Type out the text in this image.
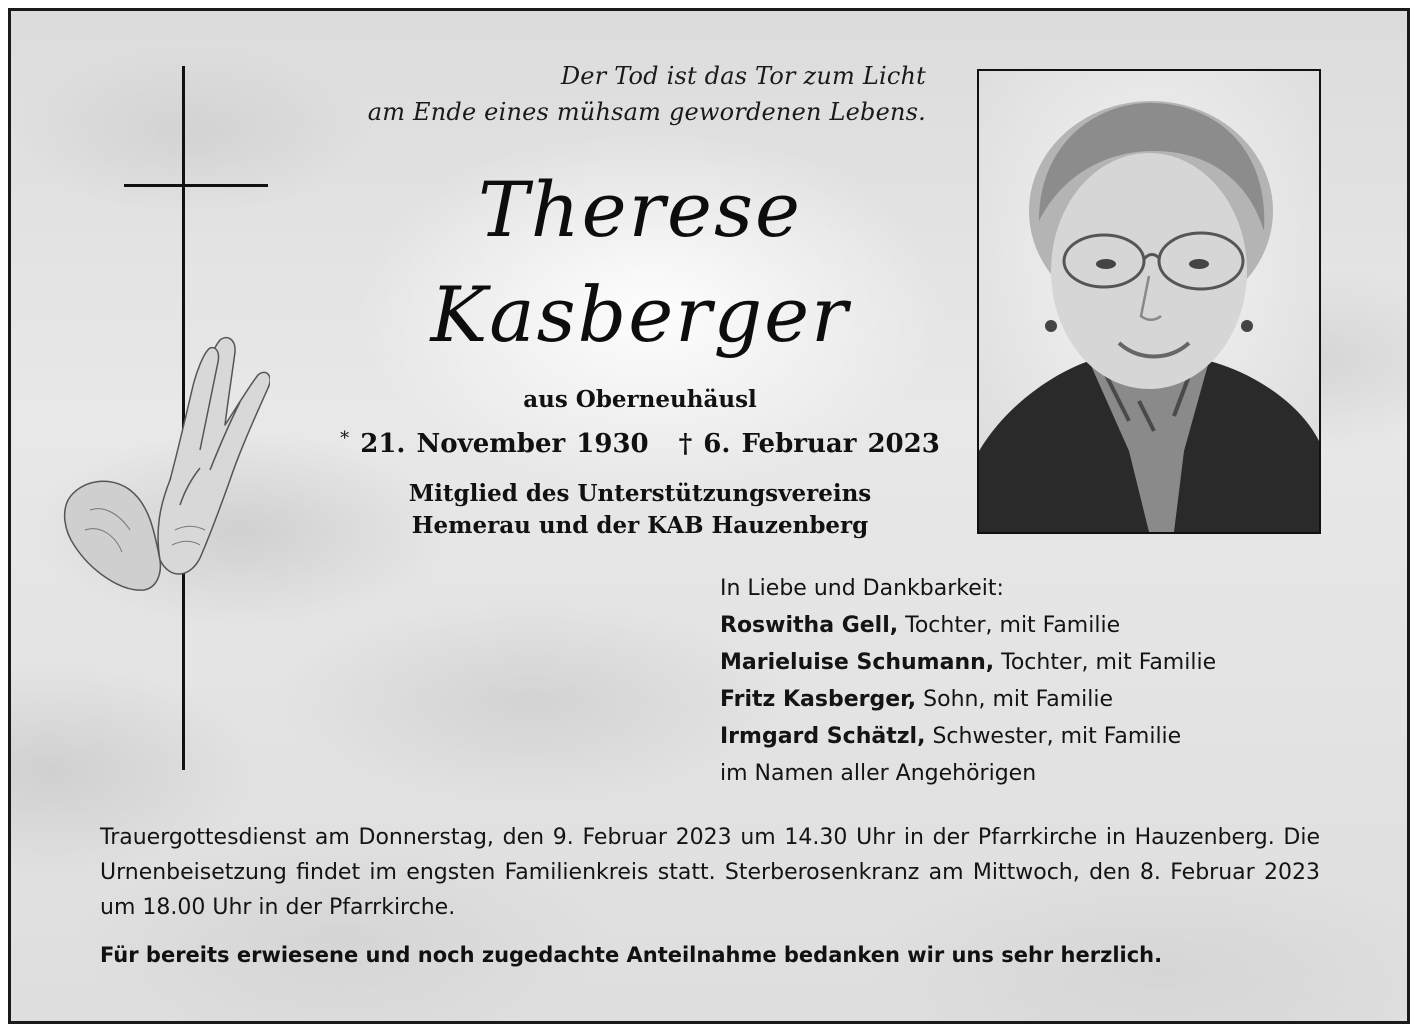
Der Tod ist das Tor zum Licht
am Ende eines mühsam gewordenen Lebens.
Therese
Kasberger
aus Oberneuhäusl
* 21. November 1930 † 6. Februar 2023
Mitglied des Unterstützungsvereins
Hemerau und der KAB Hauzenberg
In Liebe und Dankbarkeit:
Roswitha Gell, Tochter, mit Familie
Marieluise Schumann, Tochter, mit Familie
Fritz Kasberger, Sohn, mit Familie
Irmgard Schätzl, Schwester, mit Familie
im Namen aller Angehörigen
Trauergottesdienst am Donnerstag, den 9. Februar 2023 um 14.30 Uhr in der Pfarrkirche in Hauzenberg. Die Urnenbeisetzung findet im engsten Familienkreis statt. Sterberosenkranz am Mittwoch, den 8. Februar 2023 um 18.00 Uhr in der Pfarrkirche.
Für bereits erwiesene und noch zugedachte Anteilnahme bedanken wir uns sehr herzlich.
